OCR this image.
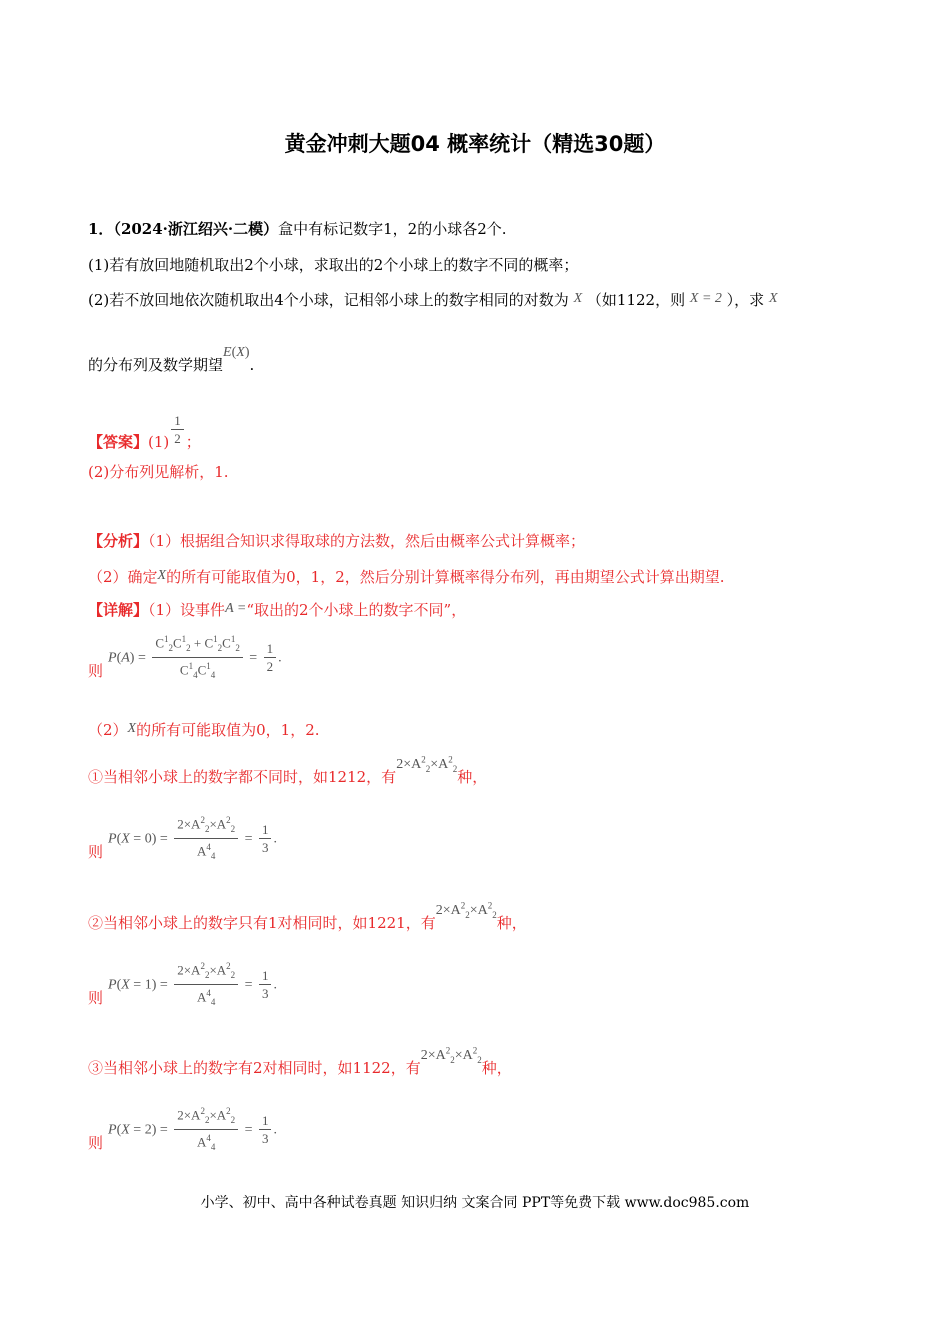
黄金冲刺大题04 概率统计（精选30题）
1．（2024·浙江绍兴·二模）盒中有标记数字1，2的小球各2个.
(1)若有放回地随机取出2个小球，求取出的2个小球上的数字不同的概率；
(2)若不放回地依次随机取出4个小球，记相邻小球上的数字相同的对数为 X （如1122，则 X = 2 ），求 X
的分布列及数学期望E(X).
【答案】$(1) \frac{1}{2}$ ；
(2)分布列见解析，1.
【分析】（1）根据组合知识求得取球的方法数，然后由概率公式计算概率；
（2）确定X的所有可能取值为0，1，2，然后分别计算概率得分布列，再由期望公式计算出期望.
【详解】（1）设事件A =“取出的2个小球上的数字不同”，
$P(A) = \frac{C^1_2C^1_2 + C^1_2C^1_2}{C^1_4C^1_4} = \frac{1}{2}$ .
则
（2）X的所有可能取值为0，1，2.
①当相邻小球上的数字都不同时，如1212，有$2\times A^2_2\times A^2_2$种，
$P(X = 0) = \frac{2\times A^2_2\times A^2_2}{A^4_4} = \frac{1}{3}$ .
则
②当相邻小球上的数字只有1对相同时，如1221，有$2\times A^2_2\times A^2_2$种，
$P(X = 1) = \frac{2\times A^2_2\times A^2_2}{A^4_4} = \frac{1}{3}$ .
则
③当相邻小球上的数字有2对相同时，如1122，有$2\times A^2_2\times A^2_2$种，
$P(X = 2) = \frac{2\times A^2_2\times A^2_2}{A^4_4} = \frac{1}{3}$ .
则
小学、初中、高中各种试卷真题 知识归纳 文案合同 PPT等免费下载 www.doc985.com
